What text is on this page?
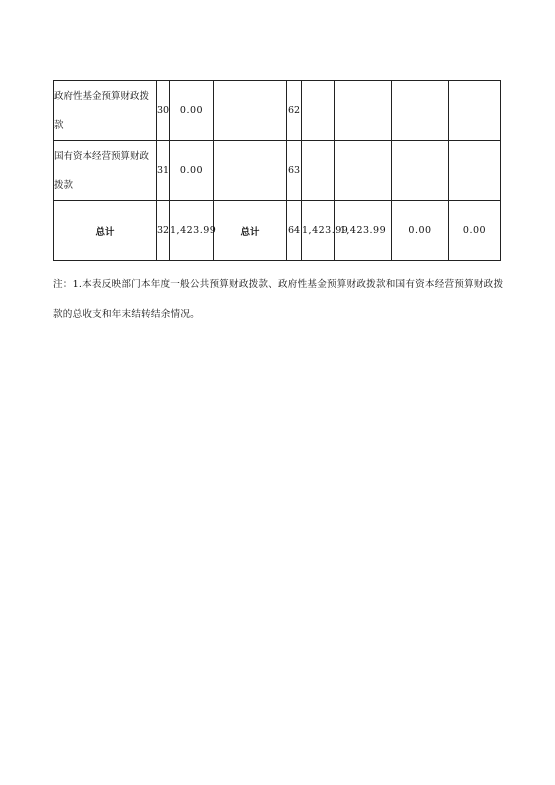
政府性基金预算财政拨款	30	0.00		62				
国有资本经营预算财政拨款	31	0.00		63				
总计	32	1,423.99	总计	64	1,423.99	1,423.99	0.00	0.00
注：1.本表反映部门本年度一般公共预算财政拨款、政府性基金预算财政拨款和国有资本经营预算财政拨款的总收支和年末结转结余情况。
